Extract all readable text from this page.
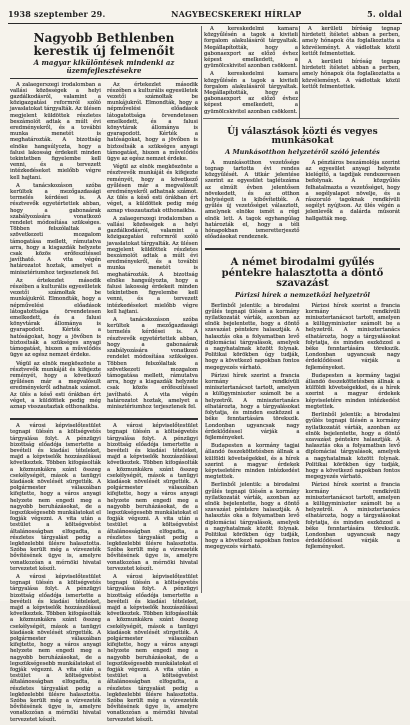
1938 szeptember 29.	NAGYBECSKEREKI HÍRLAP	5. oldal
Nagyobb Bethlenben kerestik új felmenőit
A magyar kikülöntések mindenki az üzemfejlesztésekre

A zalaegerszegi irodalomban a vallási közösségek a helyi gazdálkodásról, valamint a közigazgatási reformról szóló javaslatokat tárgyalták. Az ülésen megjelent küldöttek részletes beszámolót adtak a múlt évi eredményekről, és a további munka menetét is meghatározták. A bizottság elnöke hangsúlyozta, hogy a falusi lakosság érdekeit minden tekintetben figyelembe kell venni, és a tervezett intézkedéseket mielőbb végre kell hajtani.

A tanácskozáson szóba kerültek a mezőgazdasági termelés kérdései is. A résztvevők egyetértettek abban, hogy a gabonaárak szabályozására vonatkozó rendelet módosítása szükséges. Többen felszólaltak a szövetkezeti mozgalom támogatása mellett, rámutatva arra, hogy a kisgazdák helyzete csak közös erőfeszítéssel javítható. A vita végén határozatot hoztak, amelyet a minisztériumhoz terjesztenek fel.

Az értekezlet második részében a kulturális egyesületek vezetői számoltak be munkájukról. Elmondták, hogy a népművelési előadások látogatottsága örvendetesen emelkedett, és a falusi könyvtárak állománya is gyarapodott. Kérték a hatóságokat, hogy a jövőben is biztosítsák a szükséges anyagi támogatást, hiszen a művelődés ügye az egész nemzet érdeke.

Végül az elnök megköszönte a résztvevők munkáját és kifejezte reményét, hogy a következő gyűlésen már a megvalósult eredményekről adhatnak számot. Az ülés a késő esti órákban ért véget, a küldöttek pedig még aznap visszautaztak otthonaikba.

Az értekezlet második részében a kulturális egyesületek vezetői számoltak be munkájukról. Elmondták, hogy a népművelési előadások látogatottsága örvendetesen emelkedett, és a falusi könyvtárak állománya is gyarapodott. Kérték a hatóságokat, hogy a jövőben is biztosítsák a szükséges anyagi támogatást, hiszen a művelődés ügye az egész nemzet érdeke.

Végül az elnök megköszönte a résztvevők munkáját és kifejezte reményét, hogy a következő gyűlésen már a megvalósult eredményekről adhatnak számot. Az ülés a késő esti órákban ért véget, a küldöttek pedig még aznap visszautaztak otthonaikba.

A zalaegerszegi irodalomban a vallási közösségek a helyi gazdálkodásról, valamint a közigazgatási reformról szóló javaslatokat tárgyalták. Az ülésen megjelent küldöttek részletes beszámolót adtak a múlt évi eredményekről, és a további munka menetét is meghatározták. A bizottság elnöke hangsúlyozta, hogy a falusi lakosság érdekeit minden tekintetben figyelembe kell venni, és a tervezett intézkedéseket mielőbb végre kell hajtani.

A tanácskozáson szóba kerültek a mezőgazdasági termelés kérdései is. A résztvevők egyetértettek abban, hogy a gabonaárak szabályozására vonatkozó rendelet módosítása szükséges. Többen felszólaltak a szövetkezeti mozgalom támogatása mellett, rámutatva arra, hogy a kisgazdák helyzete csak közös erőfeszítéssel javítható. A vita végén határozatot hoztak, amelyet a minisztériumhoz terjesztenek fel.

A városi képviselőtestület tegnapi ülésén a költségvetés tárgyalása folyt. A pénzügyi bizottság előadója ismertette a bevételi és kiadási tételeket, majd a képviselők hozzászólásai következtek. Többen kifogásolták a közmunkákra szánt összeg csekélységét, mások a tanügyi kiadások növelését sürgették. A polgármester válaszában kifejtette, hogy a város anyagi helyzete nem engedi meg a nagyobb beruházásokat, de a legszükségesebb munkálatokat el fogják végezni. A vita után a testület a költségvetést általánosságban elfogadta, a részletes tárgyalást pedig a legközelebbi ülésre halasztotta. Szóba került még a vízvezeték bővítésének ügye is, amelyre vonatkozóan a mérnöki hivatal tervezetet készít.

A városi képviselőtestület tegnapi ülésén a költségvetés tárgyalása folyt. A pénzügyi bizottság előadója ismertette a bevételi és kiadási tételeket, majd a képviselők hozzászólásai következtek. Többen kifogásolták a közmunkákra szánt összeg csekélységét, mások a tanügyi kiadások növelését sürgették. A polgármester válaszában kifejtette, hogy a város anyagi helyzete nem engedi meg a nagyobb beruházásokat, de a legszükségesebb munkálatokat el fogják végezni. A vita után a testület a költségvetést általánosságban elfogadta, a részletes tárgyalást pedig a legközelebbi ülésre halasztotta. Szóba került még a vízvezeték bővítésének ügye is, amelyre vonatkozóan a mérnöki hivatal tervezetet készít.

A városi képviselőtestület tegnapi ülésén a költségvetés tárgyalása folyt. A pénzügyi bizottság előadója ismertette a bevételi és kiadási tételeket, majd a képviselők hozzászólásai következtek. Többen kifogásolták a közmunkákra szánt összeg csekélységét, mások a tanügyi kiadások növelését sürgették. A polgármester válaszában kifejtette, hogy a város anyagi helyzete nem engedi meg a nagyobb beruházásokat, de a legszükségesebb munkálatokat el fogják végezni. A vita után a testület a költségvetést általánosságban elfogadta, a részletes tárgyalást pedig a legközelebbi ülésre halasztotta. Szóba került még a vízvezeték bővítésének ügye is, amelyre vonatkozóan a mérnöki hivatal tervezetet készít.

A városi képviselőtestület tegnapi ülésén a költségvetés tárgyalása folyt. A pénzügyi bizottság előadója ismertette a bevételi és kiadási tételeket, majd a képviselők hozzászólásai következtek. Többen kifogásolták a közmunkákra szánt összeg csekélységét, mások a tanügyi kiadások növelését sürgették. A polgármester válaszában kifejtette, hogy a város anyagi helyzete nem engedi meg a nagyobb beruházásokat, de a legszükségesebb munkálatokat el fogják végezni. A vita után a testület a költségvetést általánosságban elfogadta, a részletes tárgyalást pedig a legközelebbi ülésre halasztotta. Szóba került még a vízvezeték bővítésének ügye is, amelyre vonatkozóan a mérnöki hivatal tervezetet készít.

A kereskedelmi kamara közgyűlésén a tagok a kiviteli forgalom alakulásáról tárgyaltak. Megállapították, hogy a gabonaexport az előző évhez képest emelkedett, a gyümölcskivitel azonban csökkent.

A kereskedelmi kamara közgyűlésén a tagok a kiviteli forgalom alakulásáról tárgyaltak. Megállapították, hogy a gabonaexport az előző évhez képest emelkedett, a gyümölcskivitel azonban csökkent.

A kerületi bíróság tegnap hirdetett ítéletet abban a perben, amely hónapok óta foglalkoztatta a közvéleményt. A vádlottak közül kettőt felmentettek.

A kerületi bíróság tegnap hirdetett ítéletet abban a perben, amely hónapok óta foglalkoztatta a közvéleményt. A vádlottak közül kettőt felmentettek.

Új választások közti és vegyes munkásokat
A Munkásotthon helyzetéről szóló jelentés

A munkásotthon vezetősége tegnap tartotta évi rendes közgyűlését. A titkár jelentése szerint az egyesület taglétszáma az elmúlt évben jelentősen növekedett, és az otthon helyiségeit is kibővítették. A gyűlés új vezetőséget választott, amelynek elnöke ismét a régi elnök lett. A tagok egyhangúlag határozták el, hogy a téli hónapokban ismeretterjesztő előadásokat rendeznek.

A pénztáros beszámolója szerint az egyesület anyagi helyzete kielégítő, a tagdíjak rendszeresen befolynak. A közgyűlés felhatalmazta a vezetőséget, hogy a segélyalapot növelje, és a rászoruló tagoknak rendkívüli segélyt nyújtson. Az ülés végén a jelenlevők a dalárda műsorát hallgatták meg.

A német birodalmi gyűlés péntekre halasztotta a döntő szavazást
Párizsi hírek a nemzetközi helyzetről

Berlinből jelentik: a birodalmi gyűlés tegnapi ülésén a kormány nyilatkozatát várták, azonban az elnök bejelentette, hogy a döntő szavazást péntekre halasztják. A halasztás oka a folyamatban levő diplomáciai tárgyalások, amelyek a nagyhatalmak között folynak. Politikai körökben úgy tudják, hogy a következő napokban fontos megegyezés várható.

Párizsi hírek szerint a francia kormány rendkívüli minisztertanácsot tartott, amelyen a külügyminiszter számolt be a helyzetről. A minisztertanács elhatározta, hogy a tárgyalásokat folytatja, és minden eszközzel a béke fenntartására törekszik. Londonban ugyancsak nagy érdeklődéssel várják a fejleményeket.

Budapesten a kormány tagjai állandó összeköttetésben állnak a külföldi követségekkel, és a hírek szerint a magyar érdekek képviseletére minden intézkedést megtettek.

Berlinből jelentik: a birodalmi gyűlés tegnapi ülésén a kormány nyilatkozatát várták, azonban az elnök bejelentette, hogy a döntő szavazást péntekre halasztják. A halasztás oka a folyamatban levő diplomáciai tárgyalások, amelyek a nagyhatalmak között folynak. Politikai körökben úgy tudják, hogy a következő napokban fontos megegyezés várható.

Párizsi hírek szerint a francia kormány rendkívüli minisztertanácsot tartott, amelyen a külügyminiszter számolt be a helyzetről. A minisztertanács elhatározta, hogy a tárgyalásokat folytatja, és minden eszközzel a béke fenntartására törekszik. Londonban ugyancsak nagy érdeklődéssel várják a fejleményeket.

Budapesten a kormány tagjai állandó összeköttetésben állnak a külföldi követségekkel, és a hírek szerint a magyar érdekek képviseletére minden intézkedést megtettek.

Berlinből jelentik: a birodalmi gyűlés tegnapi ülésén a kormány nyilatkozatát várták, azonban az elnök bejelentette, hogy a döntő szavazást péntekre halasztják. A halasztás oka a folyamatban levő diplomáciai tárgyalások, amelyek a nagyhatalmak között folynak. Politikai körökben úgy tudják, hogy a következő napokban fontos megegyezés várható.

Párizsi hírek szerint a francia kormány rendkívüli minisztertanácsot tartott, amelyen a külügyminiszter számolt be a helyzetről. A minisztertanács elhatározta, hogy a tárgyalásokat folytatja, és minden eszközzel a béke fenntartására törekszik. Londonban ugyancsak nagy érdeklődéssel várják a fejleményeket.
